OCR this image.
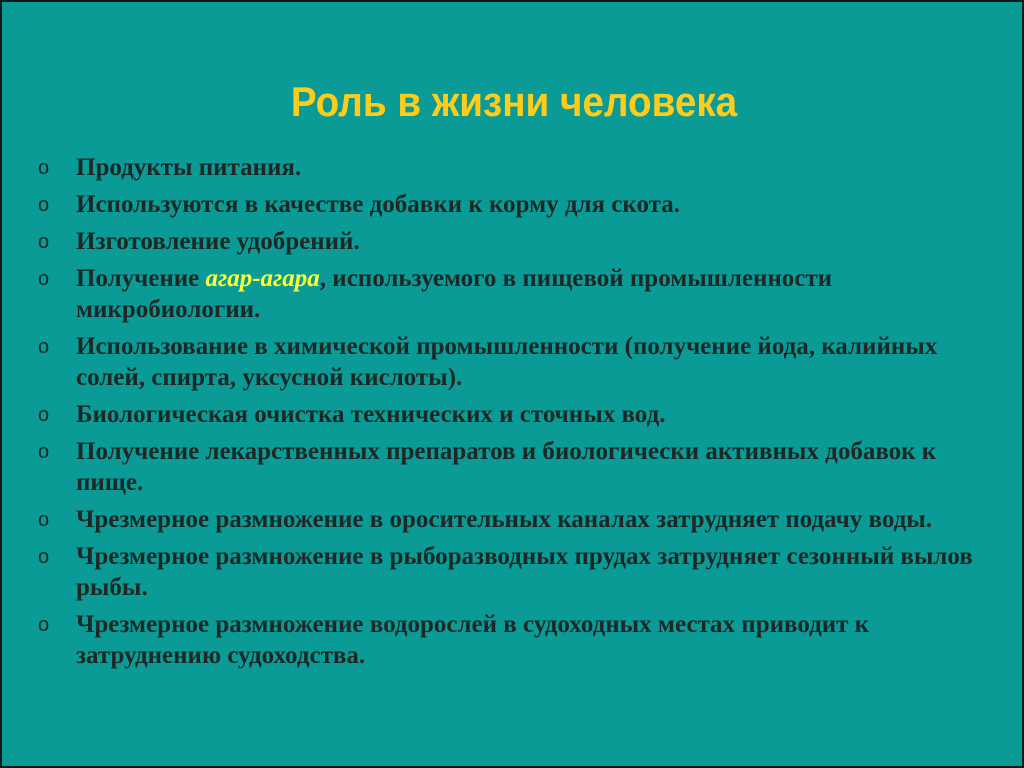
Роль в жизни человека
o Продукты питания.
o Используются в качестве добавки к корму для скота.
o Изготовление удобрений.
o Получение агар-агара, используемого в пищевой промышленности микробиологии.
o Использование в химической промышленности (получение йода, калийных солей, спирта, уксусной кислоты).
o Биологическая очистка технических и сточных вод.
o Получение лекарственных препаратов и биологически активных добавок к пище.
o Чрезмерное размножение в оросительных каналах затрудняет подачу воды.
o Чрезмерное размножение в рыборазводных прудах затрудняет сезонный вылов рыбы.
o Чрезмерное размножение водорослей в судоходных местах приводит к затруднению судоходства.
